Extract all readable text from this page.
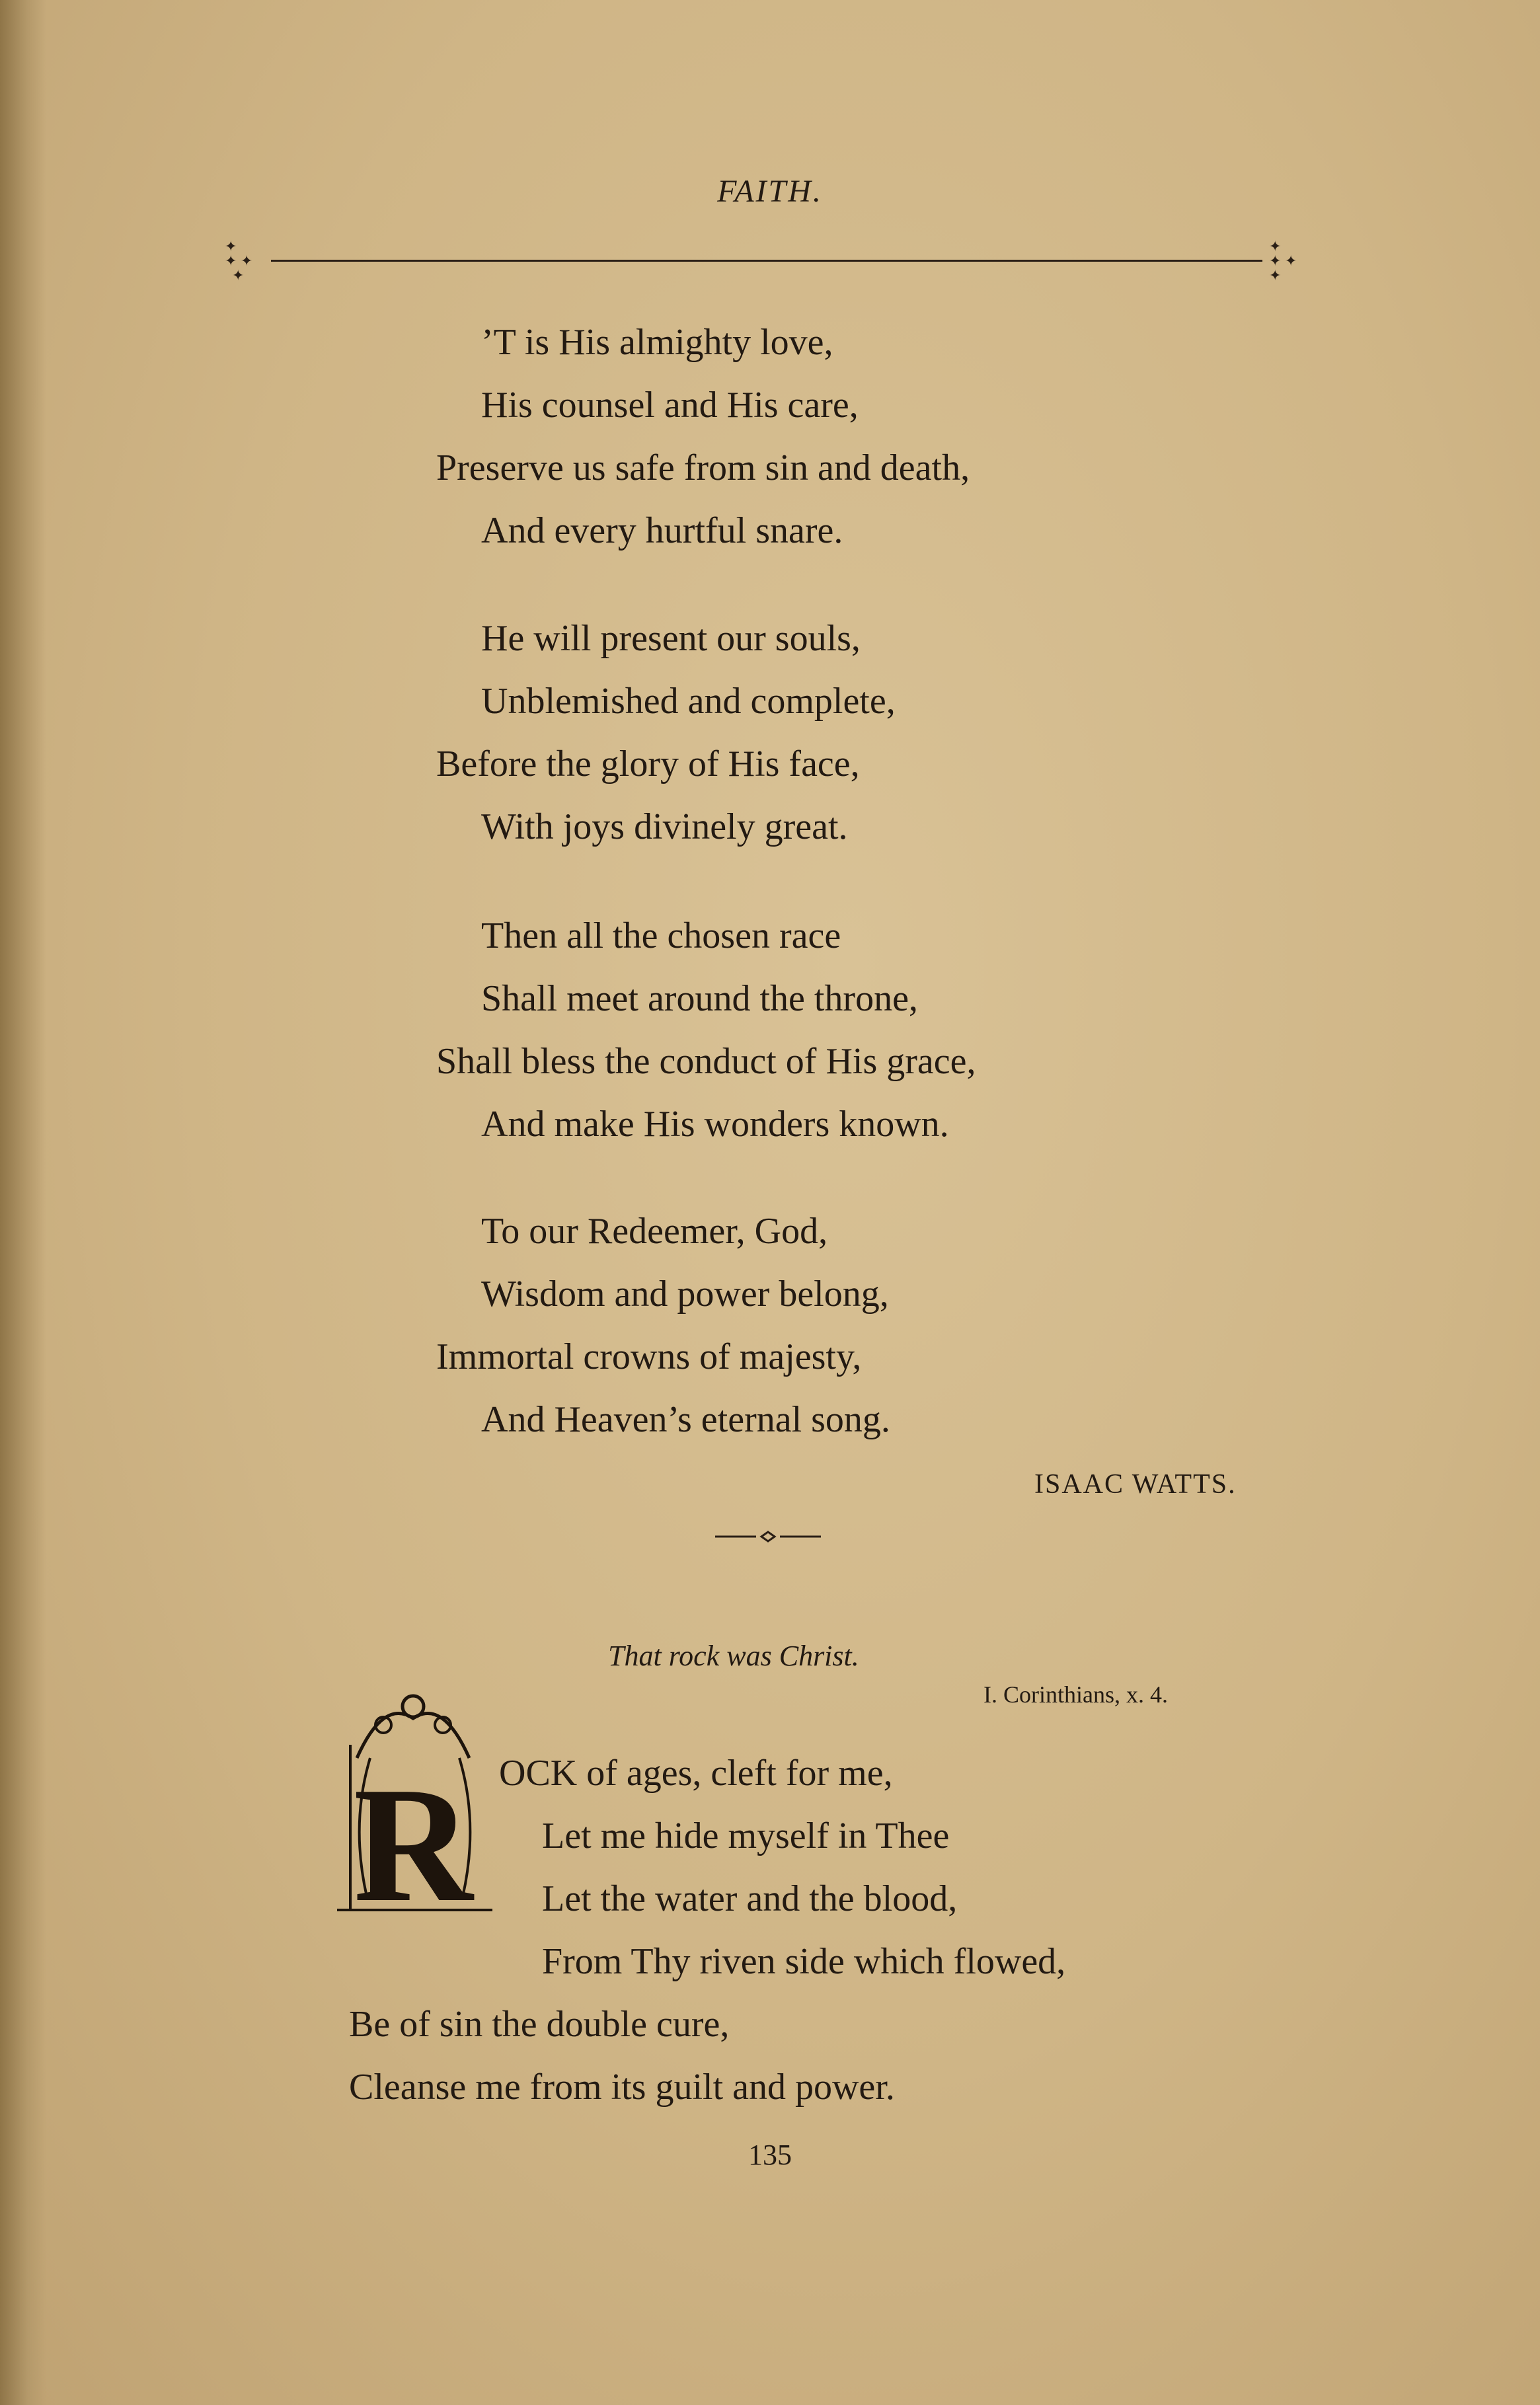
FAITH.
✦
✦ ✦
✦
✦
✦ ✦
✦
’T is His almighty love,
His counsel and His care,
Preserve us safe from sin and death,
And every hurtful snare.
He will present our souls,
Unblemished and complete,
Before the glory of His face,
With joys divinely great.
Then all the chosen race
Shall meet around the throne,
Shall bless the conduct of His grace,
And make His wonders known.
To our Redeemer, God,
Wisdom and power belong,
Immortal crowns of majesty,
And Heaven’s eternal song.
ISAAC WATTS.
That rock was Christ.
I. Corinthians, x. 4.
R OCK of ages, cleft for me,
Let me hide myself in Thee
Let the water and the blood,
From Thy riven side which flowed,
Be of sin the double cure,
Cleanse me from its guilt and power.
135
